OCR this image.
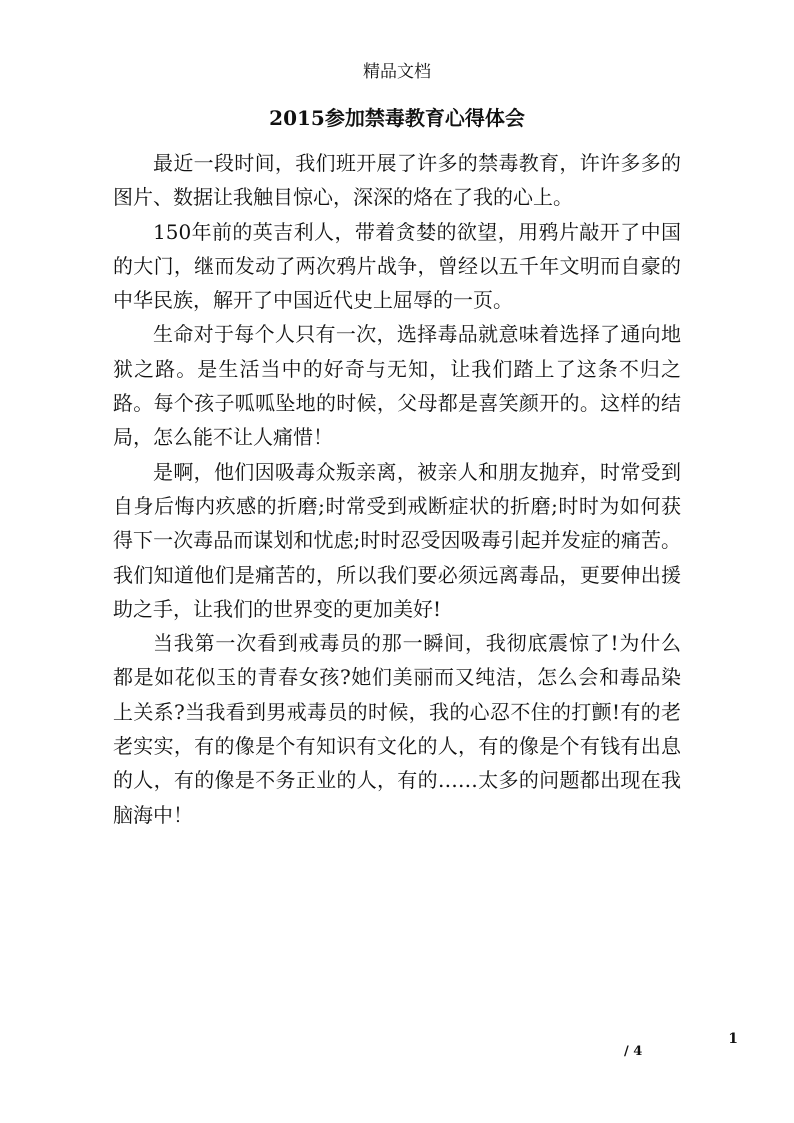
精品文档
2015参加禁毒教育心得体会

最近一段时间，我们班开展了许多的禁毒教育，许许多多的图片、数据让我触目惊心，深深的烙在了我的心上。

150年前的英吉利人，带着贪婪的欲望，用鸦片敲开了中国的大门，继而发动了两次鸦片战争，曾经以五千年文明而自豪的中华民族，解开了中国近代史上屈辱的一页。

生命对于每个人只有一次，选择毒品就意味着选择了通向地狱之路。是生活当中的好奇与无知，让我们踏上了这条不归之路。每个孩子呱呱坠地的时候，父母都是喜笑颜开的。这样的结局，怎么能不让人痛惜！

是啊，他们因吸毒众叛亲离，被亲人和朋友抛弃，时常受到自身后悔内疚感的折磨;时常受到戒断症状的折磨;时时为如何获得下一次毒品而谋划和忧虑;时时忍受因吸毒引起并发症的痛苦。我们知道他们是痛苦的，所以我们要必须远离毒品，更要伸出援助之手，让我们的世界变的更加美好!

当我第一次看到戒毒员的那一瞬间，我彻底震惊了!为什么都是如花似玉的青春女孩?她们美丽而又纯洁，怎么会和毒品染上关系?当我看到男戒毒员的时候，我的心忍不住的打颤!有的老老实实，有的像是个有知识有文化的人，有的像是个有钱有出息的人，有的像是不务正业的人，有的……太多的问题都出现在我脑海中！

1
/ 4
